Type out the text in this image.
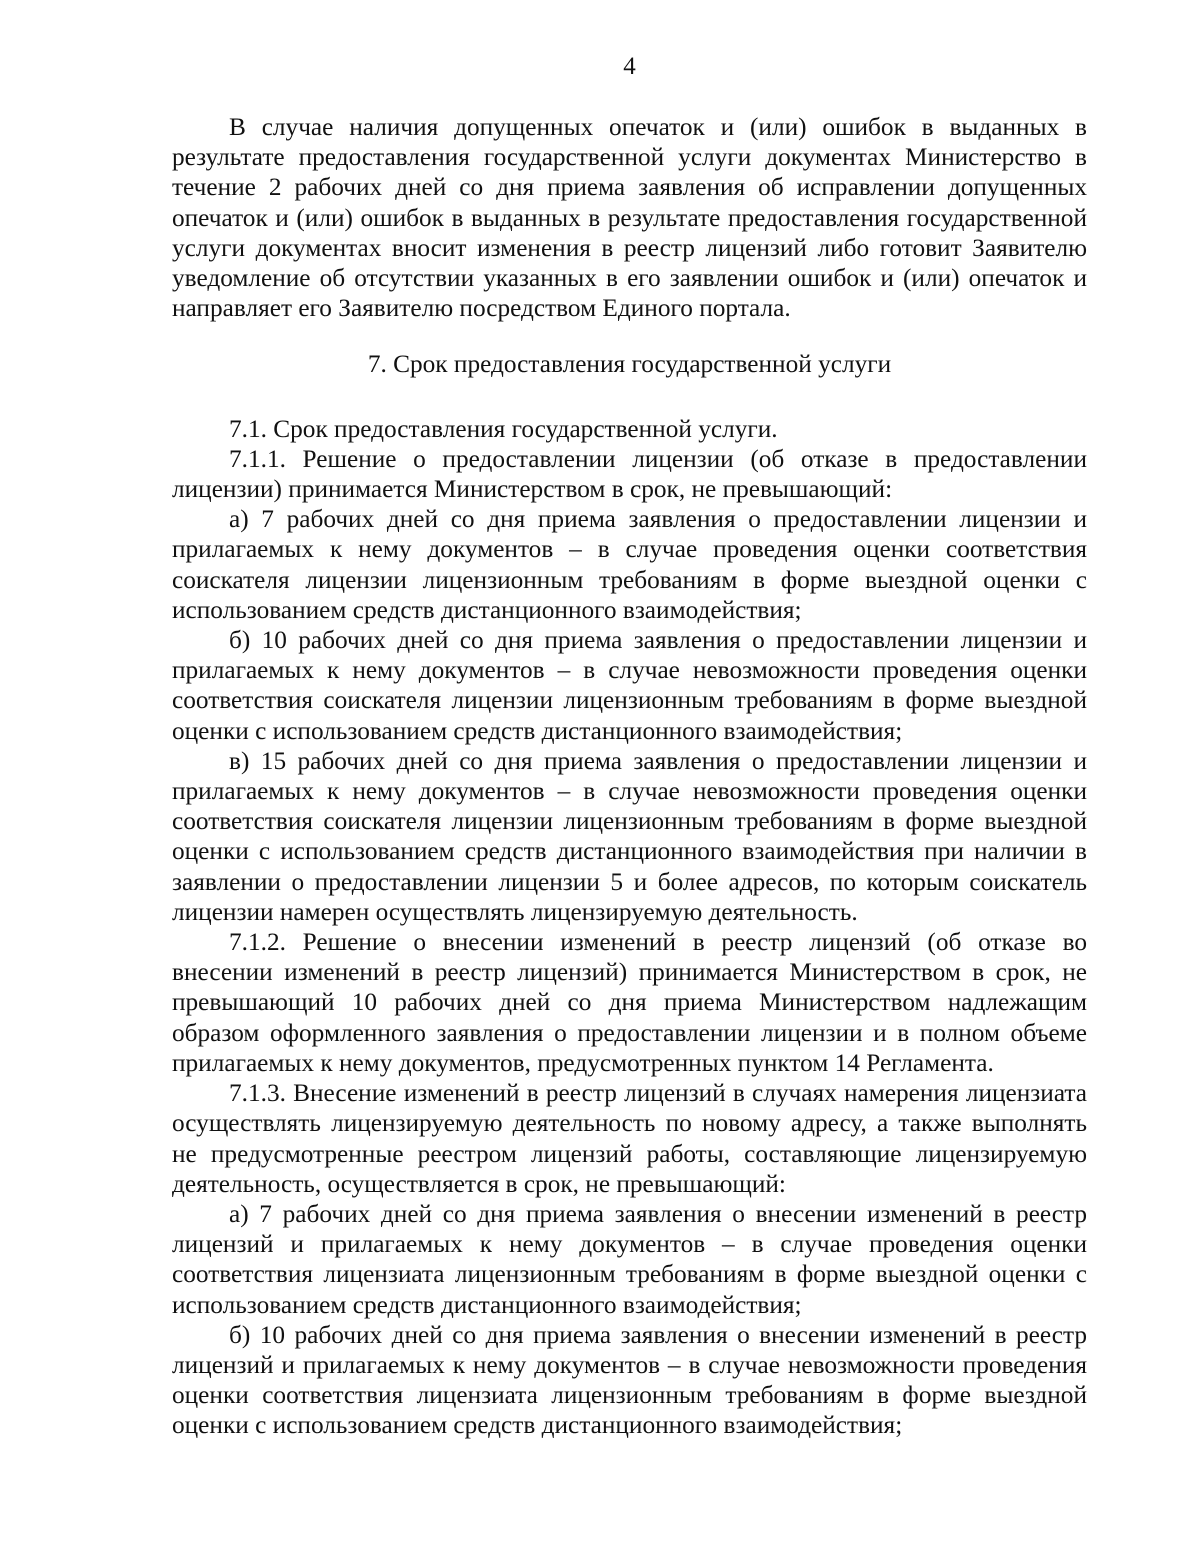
4

В случае наличия допущенных опечаток и (или) ошибок в выданных в результате предоставления государственной услуги документах Министерство в течение 2 рабочих дней со дня приема заявления об исправлении допущенных опечаток и (или) ошибок в выданных в результате предоставления государственной услуги документах вносит изменения в реестр лицензий либо готовит Заявителю уведомление об отсутствии указанных в его заявлении ошибок и (или) опечаток и направляет его Заявителю посредством Единого портала.

7. Срок предоставления государственной услуги

7.1. Срок предоставления государственной услуги.

7.1.1. Решение о предоставлении лицензии (об отказе в предоставлении лицензии) принимается Министерством в срок, не превышающий:

а) 7 рабочих дней со дня приема заявления о предоставлении лицензии и прилагаемых к нему документов – в случае проведения оценки соответствия соискателя лицензии лицензионным требованиям в форме выездной оценки с использованием средств дистанционного взаимодействия;

б) 10 рабочих дней со дня приема заявления о предоставлении лицензии и прилагаемых к нему документов – в случае невозможности проведения оценки соответствия соискателя лицензии лицензионным требованиям в форме выездной оценки с использованием средств дистанционного взаимодействия;

в) 15 рабочих дней со дня приема заявления о предоставлении лицензии и прилагаемых к нему документов – в случае невозможности проведения оценки соответствия соискателя лицензии лицензионным требованиям в форме выездной оценки с использованием средств дистанционного взаимодействия при наличии в заявлении о предоставлении лицензии 5 и более адресов, по которым соискатель лицензии намерен осуществлять лицензируемую деятельность.

7.1.2. Решение о внесении изменений в реестр лицензий (об отказе во внесении изменений в реестр лицензий) принимается Министерством в срок, не превышающий 10 рабочих дней со дня приема Министерством надлежащим образом оформленного заявления о предоставлении лицензии и в полном объеме прилагаемых к нему документов, предусмотренных пунктом 14 Регламента.

7.1.3. Внесение изменений в реестр лицензий в случаях намерения лицензиата осуществлять лицензируемую деятельность по новому адресу, а также выполнять не предусмотренные реестром лицензий работы, составляющие лицензируемую деятельность, осуществляется в срок, не превышающий:

а) 7 рабочих дней со дня приема заявления о внесении изменений в реестр лицензий и прилагаемых к нему документов – в случае проведения оценки соответствия лицензиата лицензионным требованиям в форме выездной оценки с использованием средств дистанционного взаимодействия;

б) 10 рабочих дней со дня приема заявления о внесении изменений в реестр лицензий и прилагаемых к нему документов – в случае невозможности проведения оценки соответствия лицензиата лицензионным требованиям в форме выездной оценки с использованием средств дистанционного взаимодействия;
